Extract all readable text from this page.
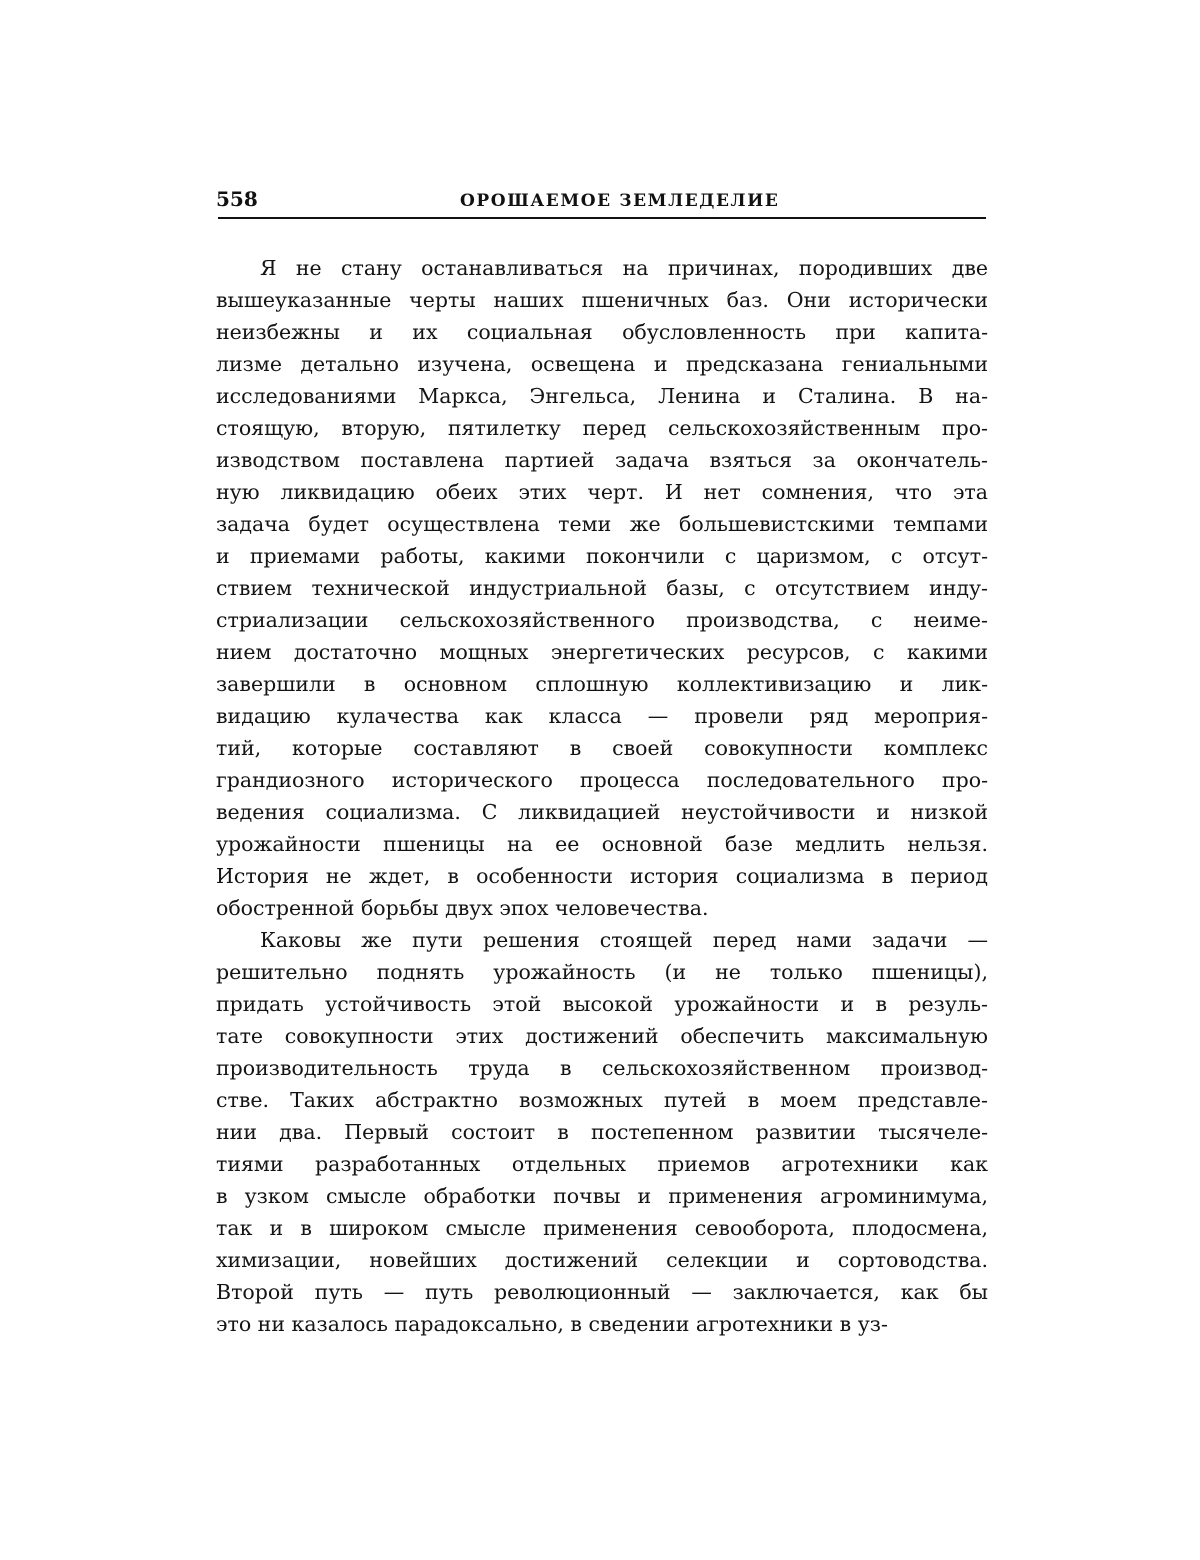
558	ОРОШАЕМОЕ ЗЕМЛЕДЕЛИЕ
Я не стану останавливаться на причинах, породивших две
вышеуказанные черты наших пшеничных баз. Они исторически
неизбежны и их социальная обусловленность при капита-
лизме детально изучена, освещена и предсказана гениальными
исследованиями Маркса, Энгельса, Ленина и Сталина. В на-
стоящую, вторую, пятилетку перед сельскохозяйственным про-
изводством поставлена партией задача взяться за окончатель-
ную ликвидацию обеих этих черт. И нет сомнения, что эта
задача будет осуществлена теми же большевистскими темпами
и приемами работы, какими покончили с царизмом, с отсут-
ствием технической индустриальной базы, с отсутствием инду-
стриализации сельскохозяйственного производства, с неиме-
нием достаточно мощных энергетических ресурсов, с какими
завершили в основном сплошную коллективизацию и лик-
видацию кулачества как класса — провели ряд мероприя-
тий, которые составляют в своей совокупности комплекс
грандиозного исторического процесса последовательного про-
ведения социализма. С ликвидацией неустойчивости и низкой
урожайности пшеницы на ее основной базе медлить нельзя.
История не ждет, в особенности история социализма в период
обостренной борьбы двух эпох человечества.
Каковы же пути решения стоящей перед нами задачи —
решительно поднять урожайность (и не только пшеницы),
придать устойчивость этой высокой урожайности и в резуль-
тате совокупности этих достижений обеспечить максимальную
производительность труда в сельскохозяйственном производ-
стве. Таких абстрактно возможных путей в моем представле-
нии два. Первый состоит в постепенном развитии тысячеле-
тиями разработанных отдельных приемов агротехники как
в узком смысле обработки почвы и применения агроминимума,
так и в широком смысле применения севооборота, плодосмена,
химизации, новейших достижений селекции и сортоводства.
Второй путь — путь революционный — заключается, как бы
это ни казалось парадоксально, в сведении агротехники в уз-
